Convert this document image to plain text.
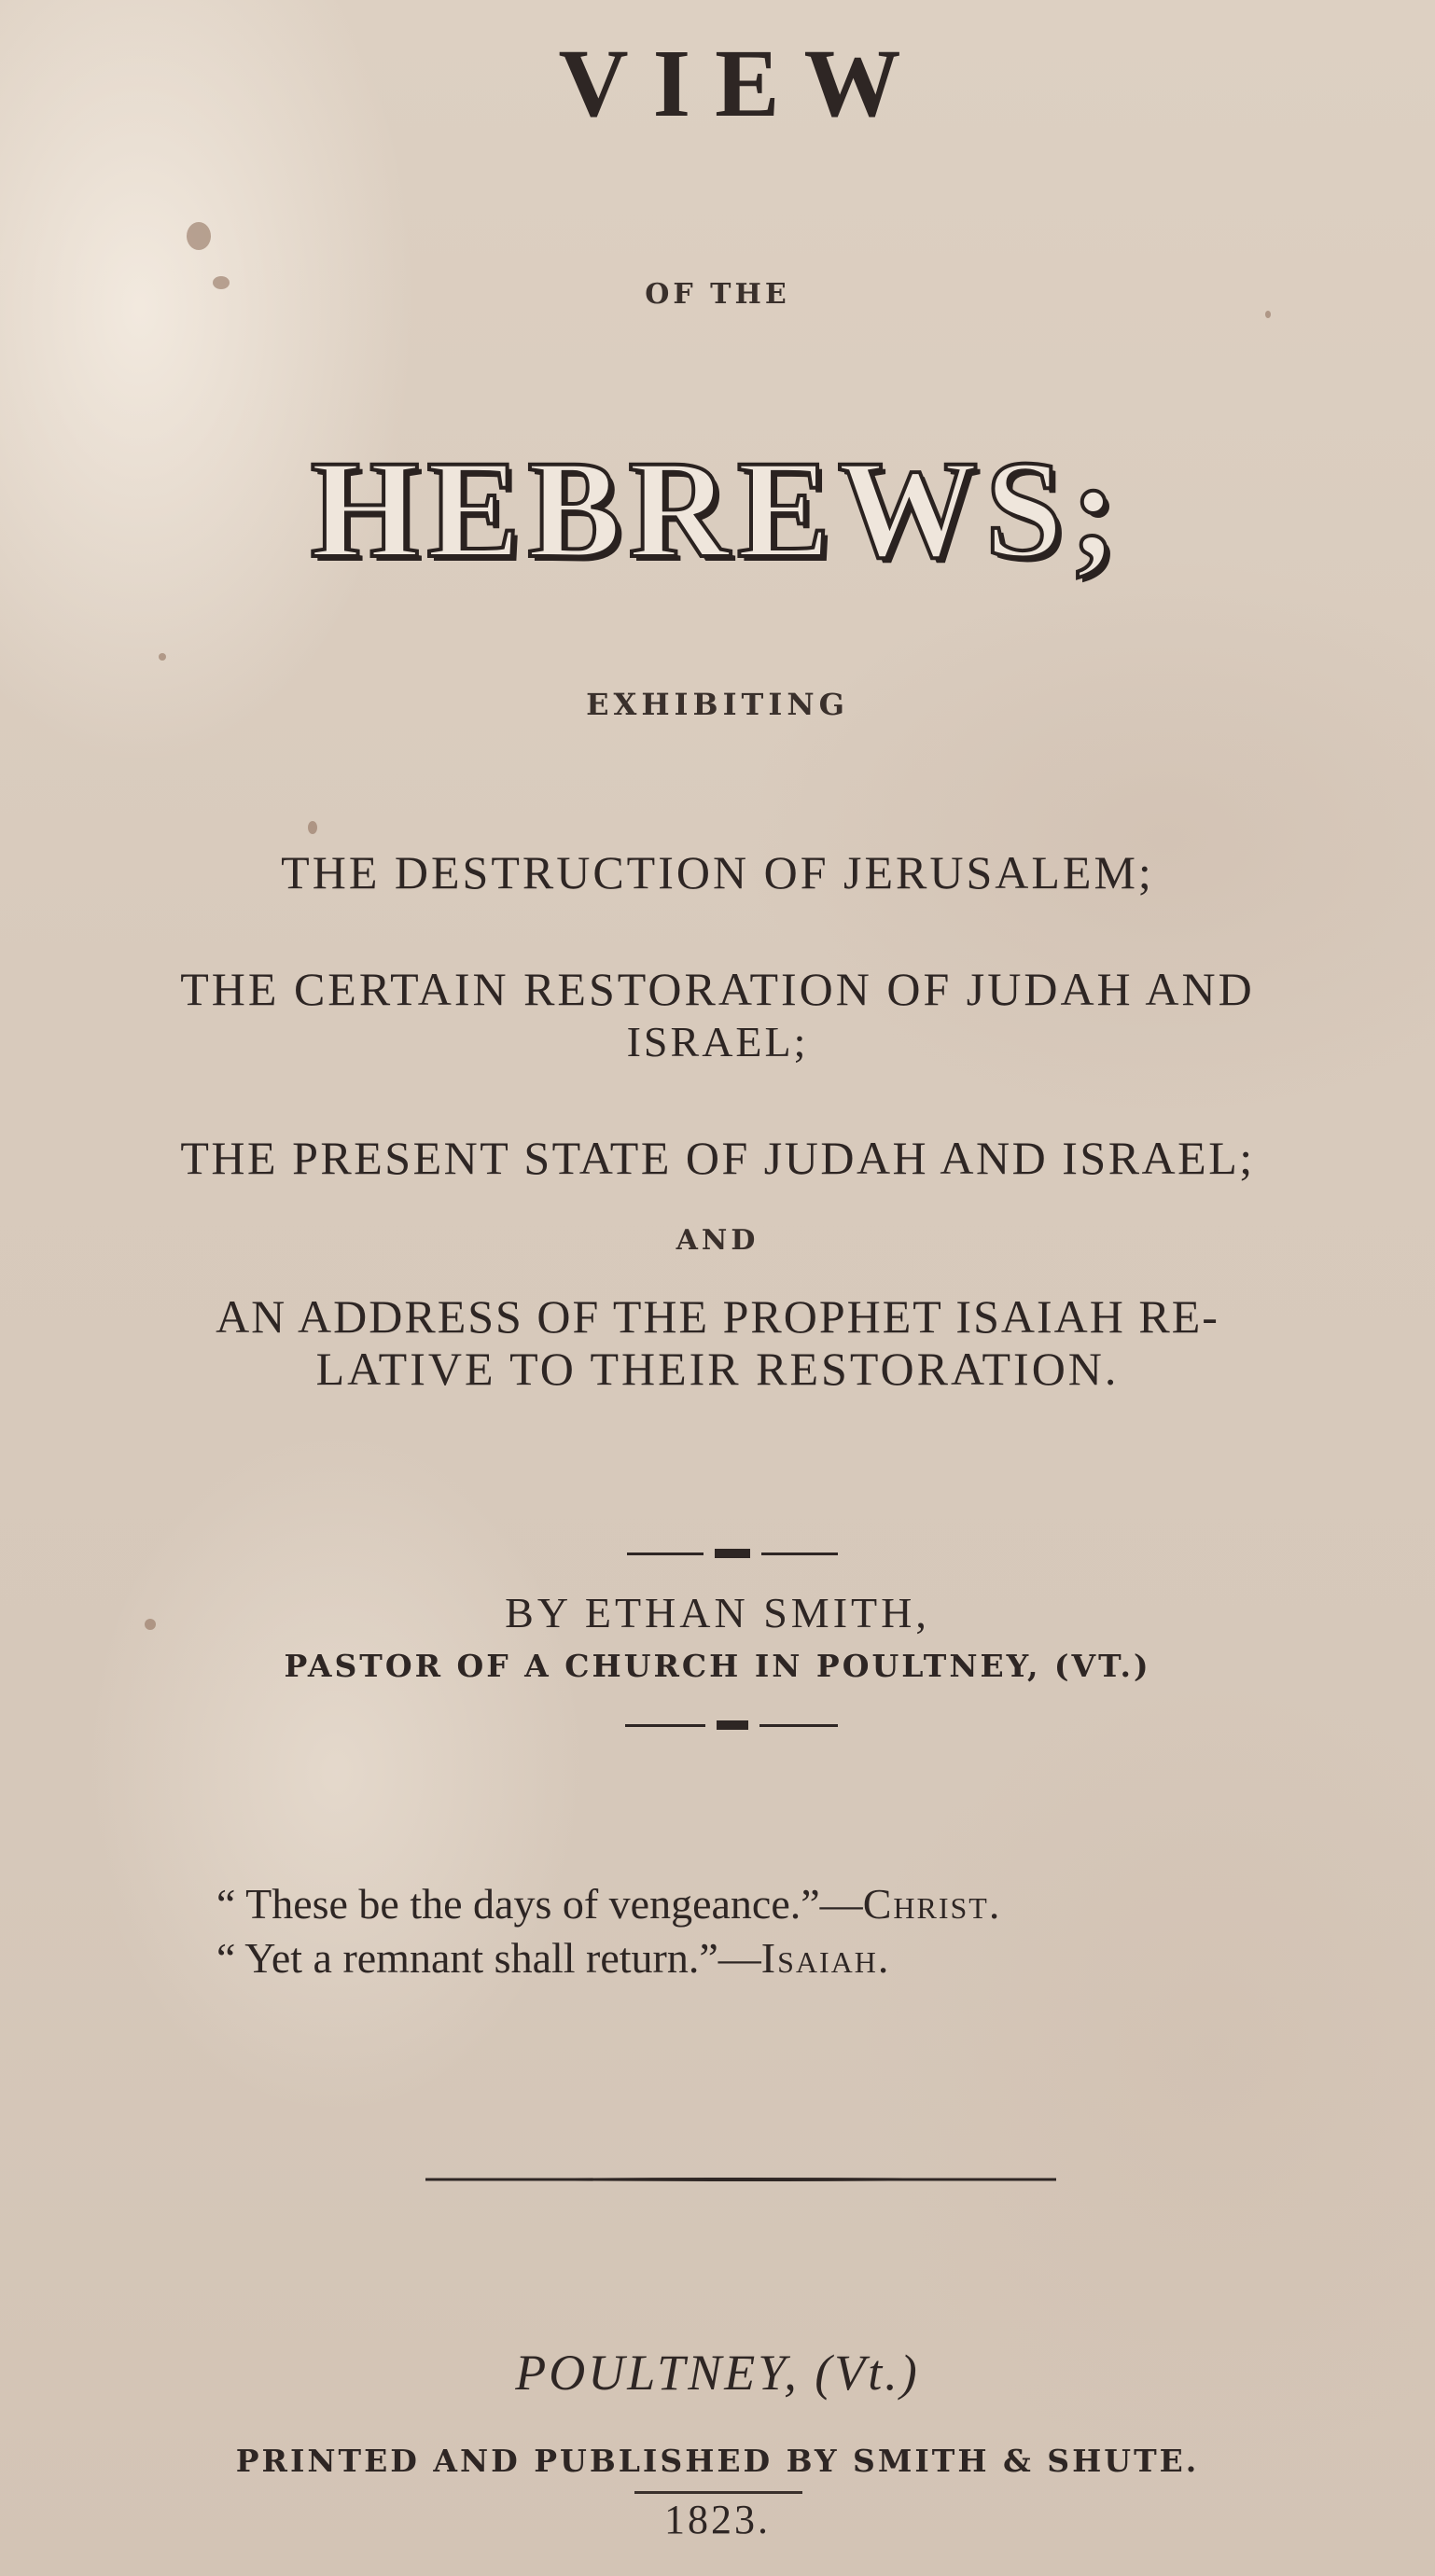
VIEW
OF THE
HEBREWS;
EXHIBITING
THE DESTRUCTION OF JERUSALEM;
THE CERTAIN RESTORATION OF JUDAH AND
ISRAEL;
THE PRESENT STATE OF JUDAH AND ISRAEL;
AND
AN ADDRESS OF THE PROPHET ISAIAH RE-
LATIVE TO THEIR RESTORATION.
BY ETHAN SMITH,
PASTOR OF A CHURCH IN POULTNEY, (VT.)
“ These be the days of vengeance.”—Christ.
“ Yet a remnant shall return.”—Isaiah.
POULTNEY, (Vt.)
PRINTED AND PUBLISHED BY SMITH & SHUTE.
1823.
